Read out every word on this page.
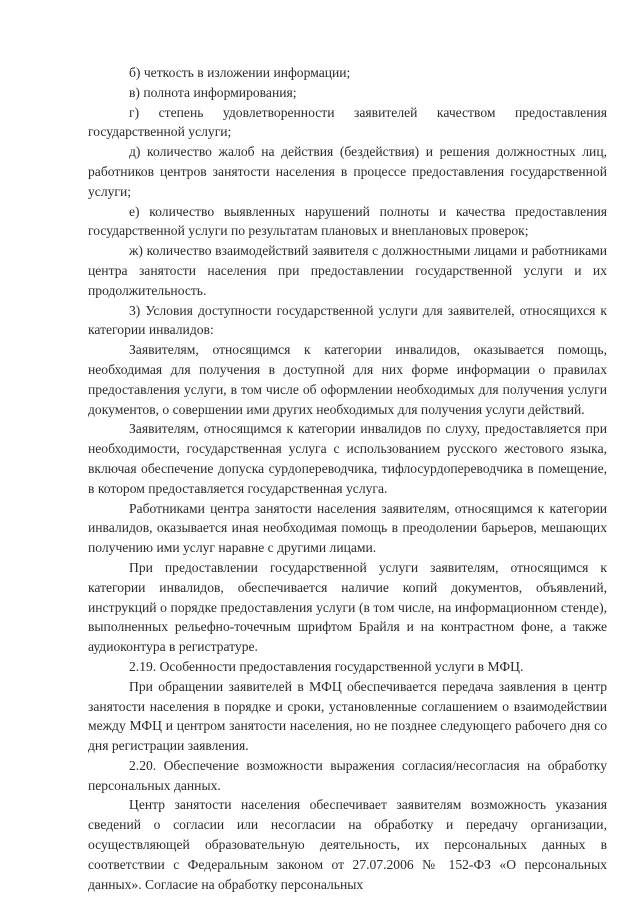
б) четкость в изложении информации;

в) полнота информирования;

г) степень удовлетворенности заявителей качеством предоставления государственной услуги;

д) количество жалоб на действия (бездействия) и решения должностных лиц, работников центров занятости населения в процессе предоставления государственной услуги;

е) количество выявленных нарушений полноты и качества предоставления государственной услуги по результатам плановых и внеплановых проверок;

ж) количество взаимодействий заявителя с должностными лицами и работниками центра занятости населения при предоставлении государственной услуги и их продолжительность.

3) Условия доступности государственной услуги для заявителей, относящихся к категории инвалидов:

Заявителям, относящимся к категории инвалидов, оказывается помощь, необходимая для получения в доступной для них форме информации о правилах предоставления услуги, в том числе об оформлении необходимых для получения услуги документов, о совершении ими других необходимых для получения услуги действий.

Заявителям, относящимся к категории инвалидов по слуху, предоставляется при необходимости, государственная услуга с использованием русского жестового языка, включая обеспечение допуска сурдопереводчика, тифлосурдопереводчика в помещение, в котором предоставляется государственная услуга.

Работниками центра занятости населения заявителям, относящимся к категории инвалидов, оказывается иная необходимая помощь в преодолении барьеров, мешающих получению ими услуг наравне с другими лицами.

При предоставлении государственной услуги заявителям, относящимся к категории инвалидов, обеспечивается наличие копий документов, объявлений, инструкций о порядке предоставления услуги (в том числе, на информационном стенде), выполненных рельефно-точечным шрифтом Брайля и на контрастном фоне, а также аудиоконтура в регистратуре.

2.19. Особенности предоставления государственной услуги в МФЦ.

При обращении заявителей в МФЦ обеспечивается передача заявления в центр занятости населения в порядке и сроки, установленные соглашением о взаимодействии между МФЦ и центром занятости населения, но не позднее следующего рабочего дня со дня регистрации заявления.

2.20. Обеспечение возможности выражения согласия/несогласия на обработку персональных данных.

Центр занятости населения обеспечивает заявителям возможность указания сведений о согласии или несогласии на обработку и передачу организации, осуществляющей образовательную деятельность, их персональных данных в соответствии с Федеральным законом от 27.07.2006 № 152-ФЗ «О персональных данных». Согласие на обработку персональных
